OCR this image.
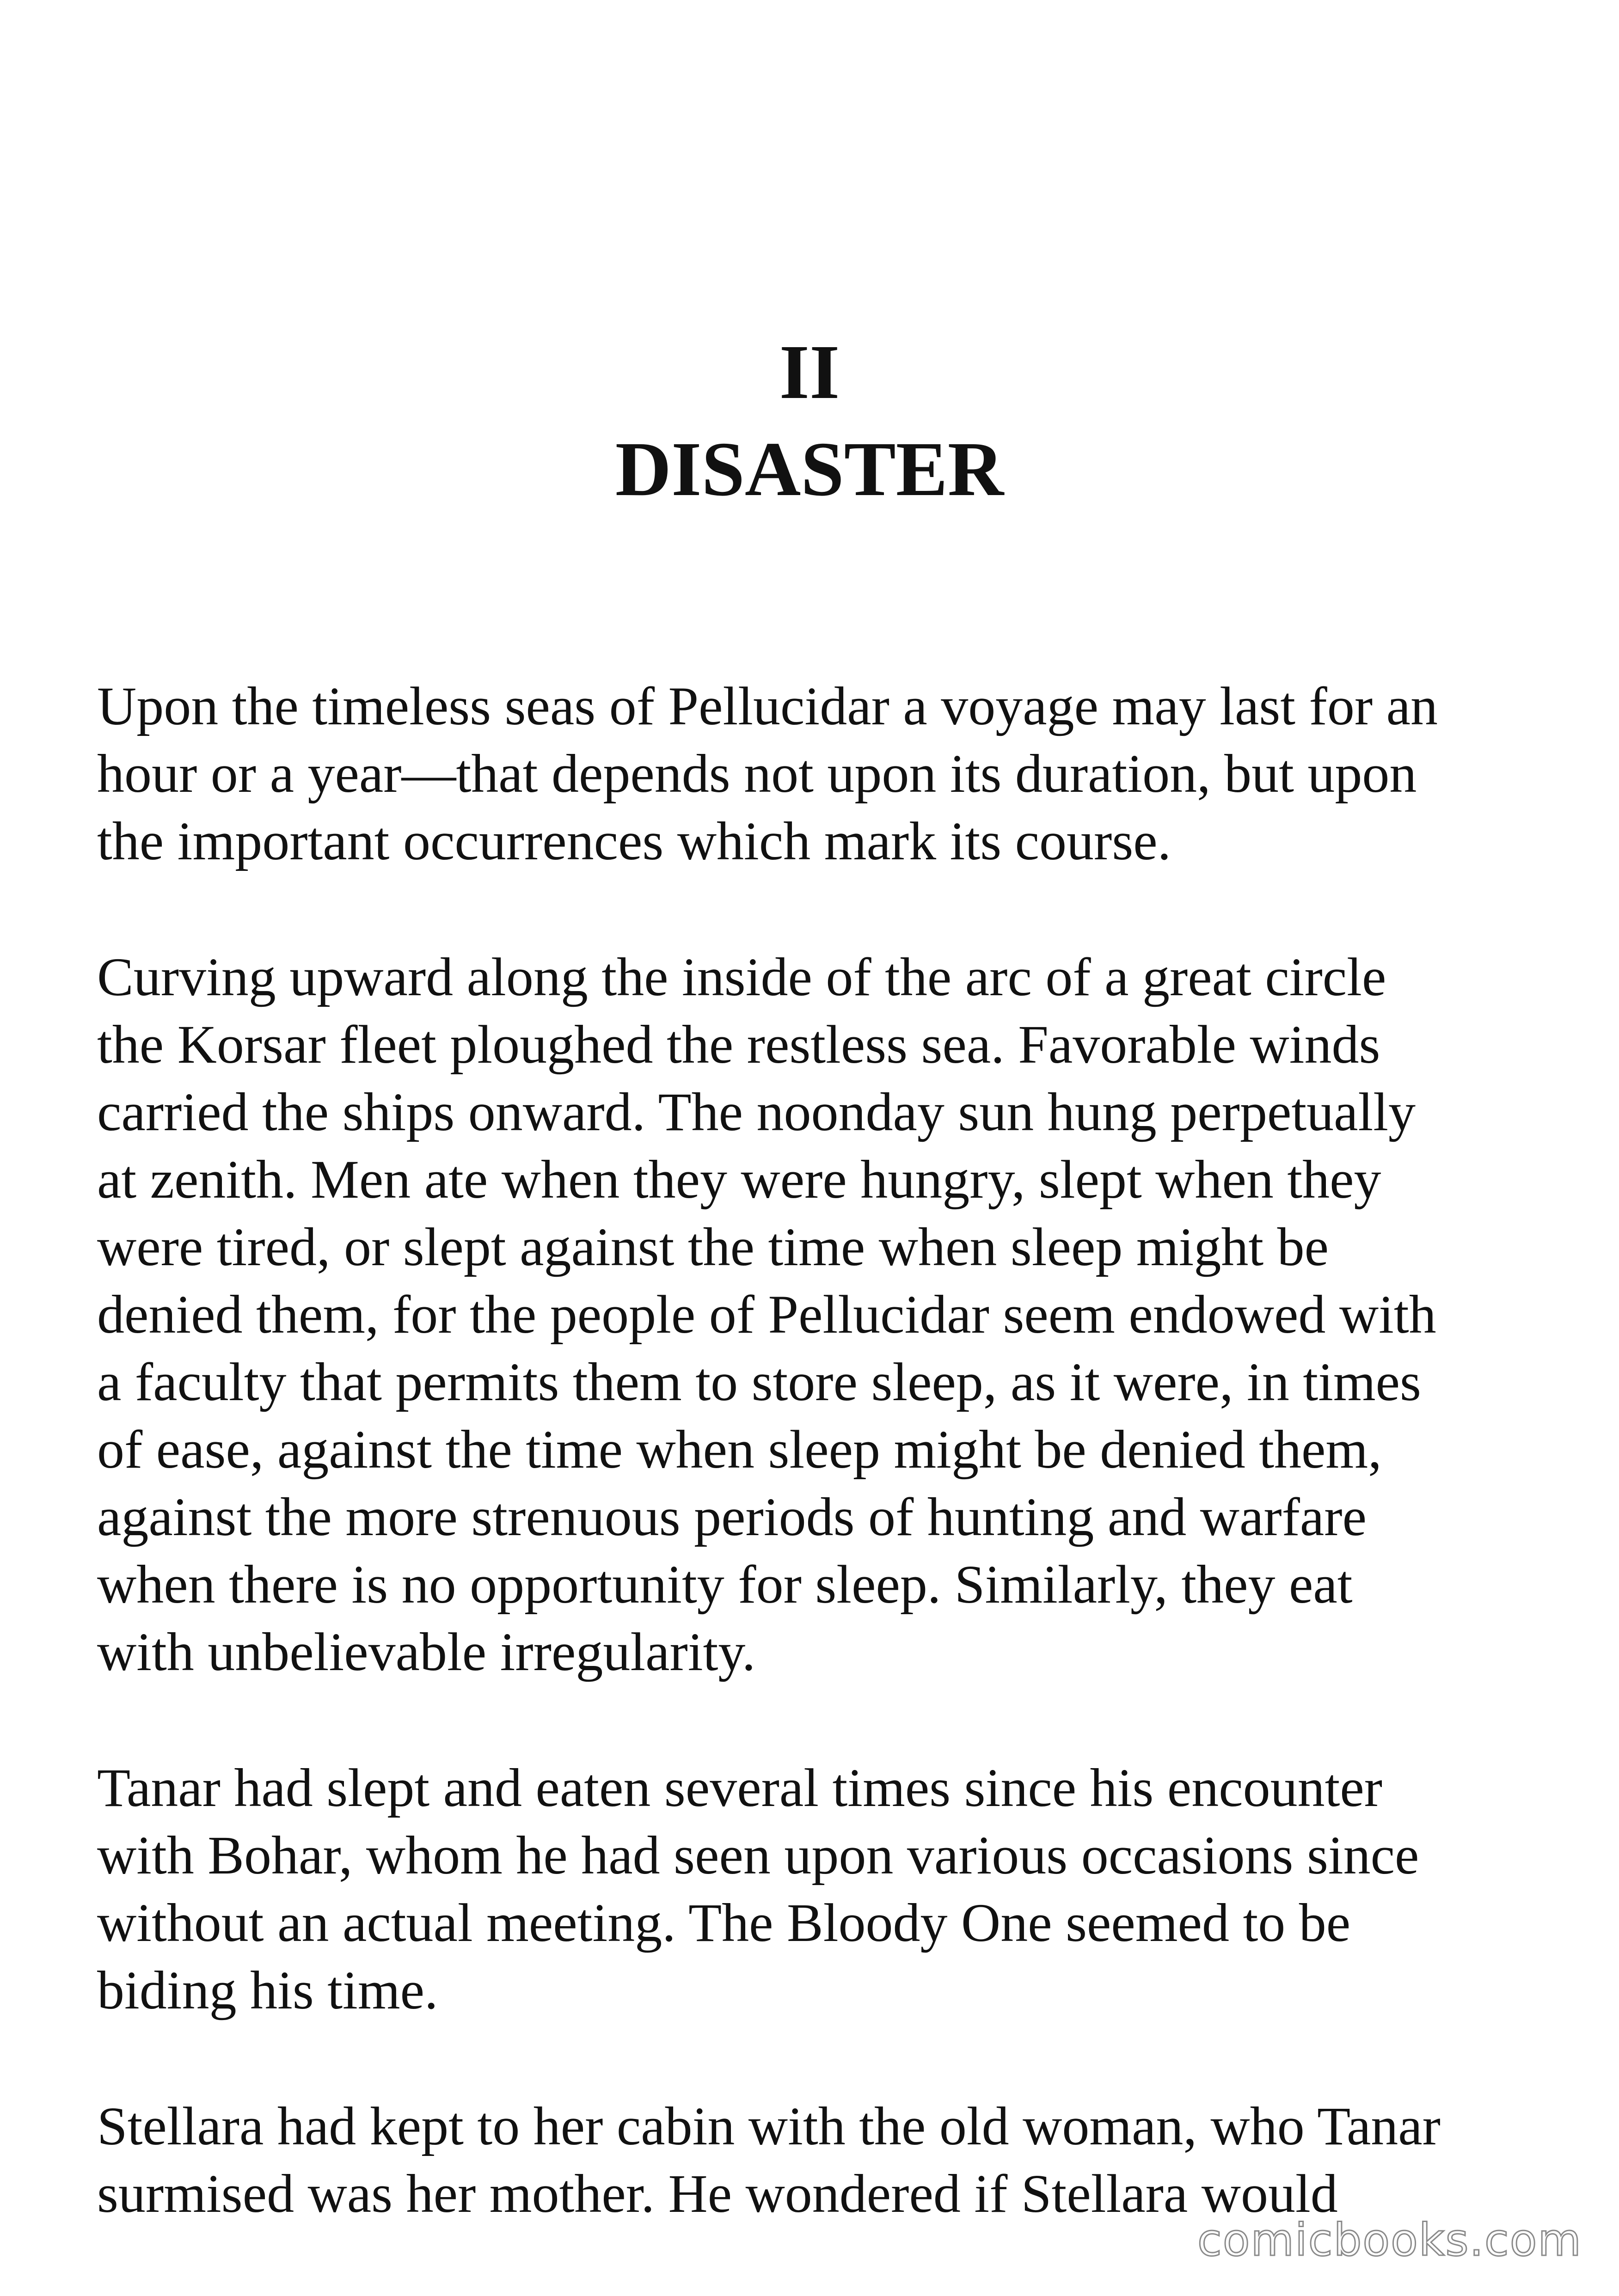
II
DISASTER

Upon the timeless seas of Pellucidar a voyage may last for an
hour or a year—that depends not upon its duration, but upon
the important occurrences which mark its course.

Curving upward along the inside of the arc of a great circle
the Korsar fleet ploughed the restless sea. Favorable winds
carried the ships onward. The noonday sun hung perpetually
at zenith. Men ate when they were hungry, slept when they
were tired, or slept against the time when sleep might be
denied them, for the people of Pellucidar seem endowed with
a faculty that permits them to store sleep, as it were, in times
of ease, against the time when sleep might be denied them,
against the more strenuous periods of hunting and warfare
when there is no opportunity for sleep. Similarly, they eat
with unbelievable irregularity.

Tanar had slept and eaten several times since his encounter
with Bohar, whom he had seen upon various occasions since
without an actual meeting. The Bloody One seemed to be
biding his time.

Stellara had kept to her cabin with the old woman, who Tanar
surmised was her mother. He wondered if Stellara would

comicbooks.com
